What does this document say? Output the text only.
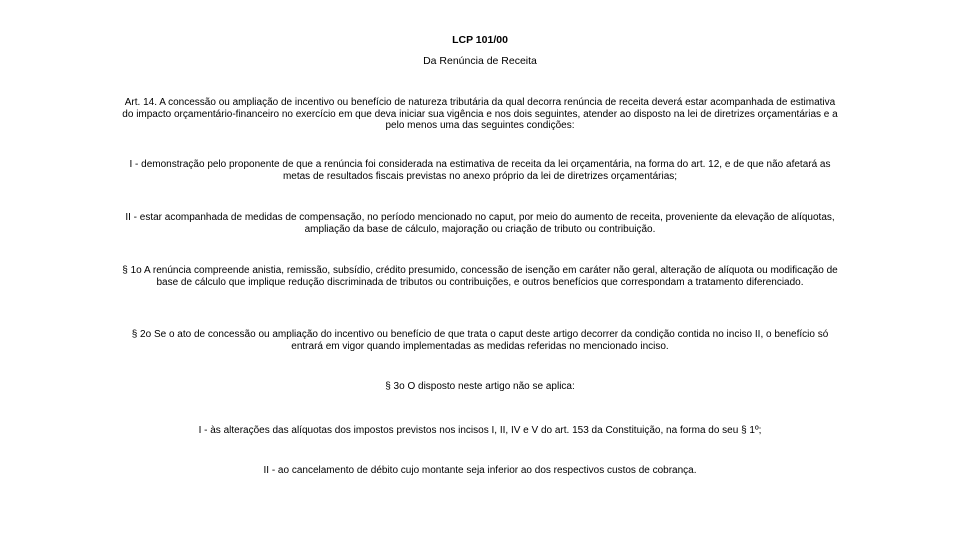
LCP 101/00
Da Renúncia de Receita
Art. 14. A concessão ou ampliação de incentivo ou benefício de natureza tributária da qual decorra renúncia de receita deverá estar acompanhada de estimativa do impacto orçamentário-financeiro no exercício em que deva iniciar sua vigência e nos dois seguintes, atender ao disposto na lei de diretrizes orçamentárias e a pelo menos uma das seguintes condições:
I - demonstração pelo proponente de que a renúncia foi considerada na estimativa de receita da lei orçamentária, na forma do art. 12, e de que não afetará as metas de resultados fiscais previstas no anexo próprio da lei de diretrizes orçamentárias;
II - estar acompanhada de medidas de compensação, no período mencionado no caput, por meio do aumento de receita, proveniente da elevação de alíquotas, ampliação da base de cálculo, majoração ou criação de tributo ou contribuição.
§ 1o A renúncia compreende anistia, remissão, subsídio, crédito presumido, concessão de isenção em caráter não geral, alteração de alíquota ou modificação de base de cálculo que implique redução discriminada de tributos ou contribuições, e outros benefícios que correspondam a tratamento diferenciado.
§ 2o Se o ato de concessão ou ampliação do incentivo ou benefício de que trata o caput deste artigo decorrer da condição contida no inciso II, o benefício só entrará em vigor quando implementadas as medidas referidas no mencionado inciso.
§ 3o O disposto neste artigo não se aplica:
I - às alterações das alíquotas dos impostos previstos nos incisos I, II, IV e V do art. 153 da Constituição, na forma do seu § 1º;
II - ao cancelamento de débito cujo montante seja inferior ao dos respectivos custos de cobrança.
